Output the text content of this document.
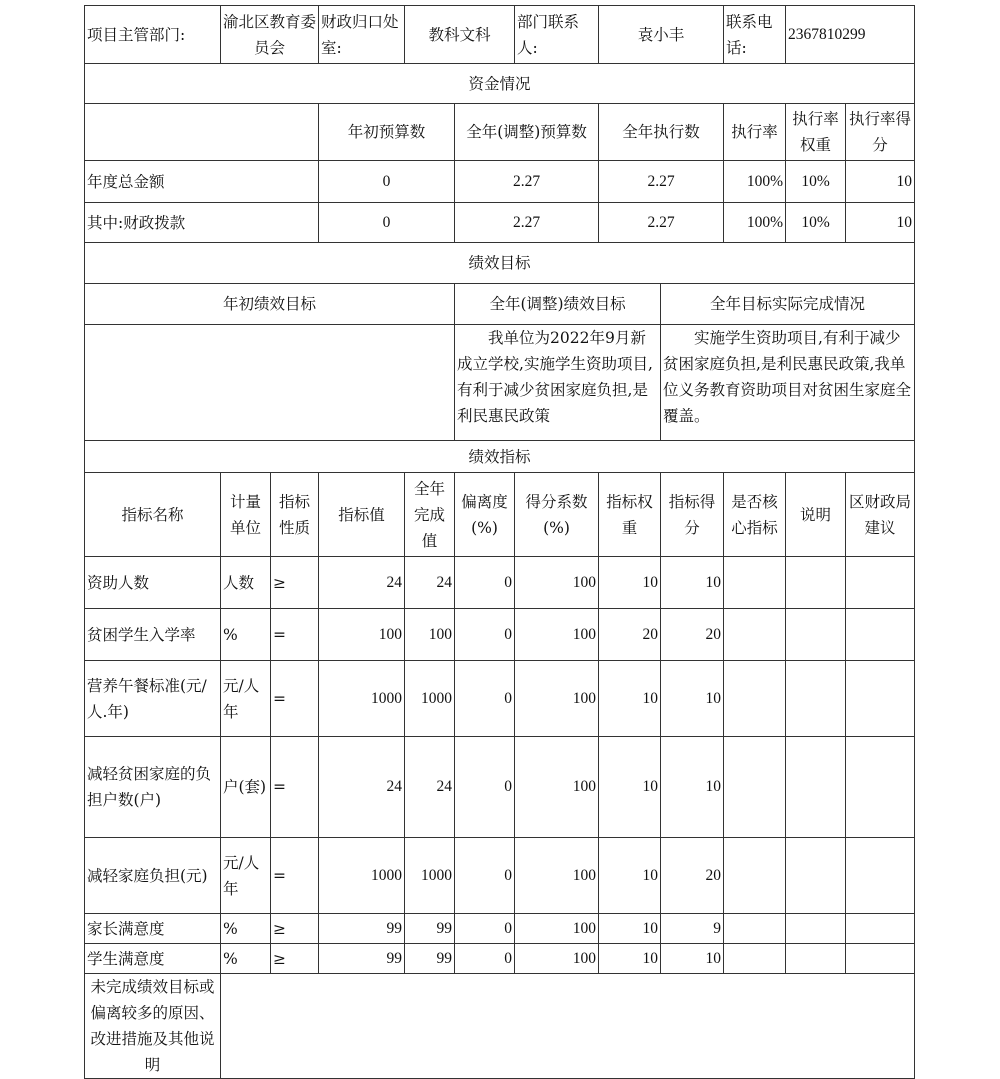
项目主管部门:	渝北区教育委员会		财政归口处室:	教科文科		部门联系人:	袁小丰		联系电话:	2367810299	
资金情况											
			年初预算数		全年(调整)预算数		全年执行数		执行率	执行率权重	执行率得分
年度总金额			0		2.27		2.27		100%	10%	10
其中:财政拨款			0		2.27		2.27		100%	10%	10
绩效目标											
年初绩效目标					全年(调整)绩效目标			全年目标实际完成情况			
					我单位为2022年9月新成立学校,实施学生资助项目,有利于减少贫困家庭负担,是利民惠民政策			实施学生资助项目,有利于减少贫困家庭负担,是利民惠民政策,我单位义务教育资助项目对贫困生家庭全覆盖。			
绩效指标											
指标名称	计量单位	指标性质	指标值	全年完成值	偏离度(%)	得分系数(%)	指标权重	指标得分	是否核心指标	说明	区财政局建议
资助人数	人数	≥	24	24	0	100	10	10			
贫困学生入学率	%	=	100	100	0	100	20	20			
营养午餐标准(元/人.年)	元/人年	=	1000	1000	0	100	10	10			
减轻贫困家庭的负担户数(户)	户(套)	=	24	24	0	100	10	10			
减轻家庭负担(元)	元/人年	=	1000	1000	0	100	10	20			
家长满意度	%	≥	99	99	0	100	10	9			
学生满意度	%	≥	99	99	0	100	10	10			
未完成绩效目标或偏离较多的原因、改进措施及其他说明											
